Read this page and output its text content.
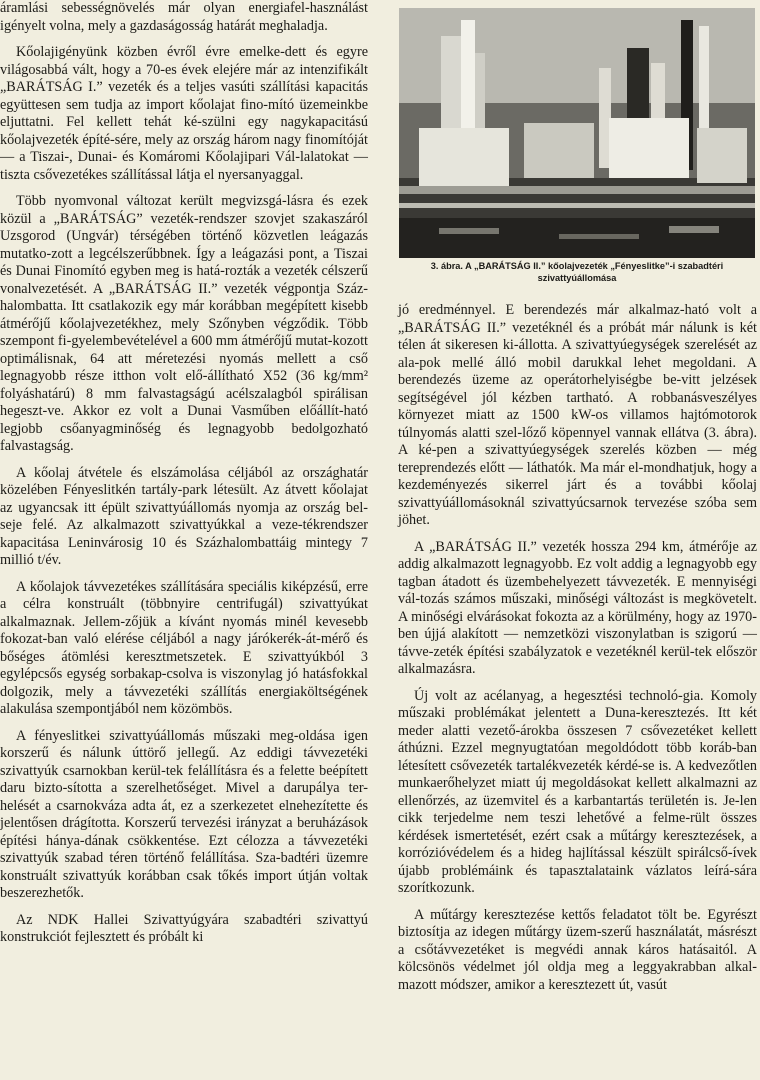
áramlási sebességnövelés már olyan energiafel-használást igényelt volna, mely a gazdaságosság határát meghaladja.

Kőolajigényünk közben évről évre emelke-dett és egyre világosabbá vált, hogy a 70-es évek elejére már az intenzifikált „BARÁTSÁG I.” vezeték és a teljes vasúti szállítási kapacitás együttesen sem tudja az import kőolajat fino-mító üzemeinkbe eljuttatni. Fel kellett tehát ké-szülni egy nagykapacitású kőolajvezeték építé-sére, mely az ország három nagy finomítóját — a Tiszai-, Dunai- és Komáromi Kőolajipari Vál-lalatokat — tiszta csővezetékes szállítással látja el nyersanyaggal.

Több nyomvonal változat került megvizsgá-lásra és ezek közül a „BARÁTSÁG” vezeték-rendszer szovjet szakaszáról Uzsgorod (Ungvár) térségében történő közvetlen leágazás mutatko-zott a legcélszerűbbnek. Így a leágazási pont, a Tiszai és Dunai Finomító egyben meg is hatá-rozták a vezeték célszerű vonalvezetését. A „BARÁTSÁG II.” vezeték végpontja Száz-halombatta. Itt csatlakozik egy már korábban megépített kisebb átmérőjű kőolajvezetékhez, mely Szőnyben végződik. Több szempont fi-gyelembevételével a 600 mm átmérőjű mutat-kozott optimálisnak, 64 att méretezési nyomás mellett a cső legnagyobb része itthon volt elő-állítható X52 (36 kg/mm² folyáshatárú) 8 mm falvastagságú acélszalagból spirálisan hegeszt-ve. Akkor ez volt a Dunai Vasműben előállít-ható legjobb csőanyagminőség és legnagyobb bedolgozható falvastagság.

A kőolaj átvétele és elszámolása céljából az országhatár közelében Fényeslitkén tartály-park létesült. Az átvett kőolajat az ugyancsak itt épült szivattyúállomás nyomja az ország bel-seje felé. Az alkalmazott szivattyúkkal a veze-tékrendszer kapacitása Leninvárosig 10 és Százhalombattáig mintegy 7 millió t/év.

A kőolajok távvezetékes szállítására speciális kiképzésű, erre a célra konstruált (többnyire centrifugál) szivattyúkat alkalmaznak. Jellem-zőjük a kívánt nyomás minél kevesebb fokozat-ban való elérése céljából a nagy járókerék-át-mérő és bőséges átömlési keresztmetszetek. E szivattyúkból 3 egylépcsős egység sorbakap-csolva is viszonylag jó hatásfokkal dolgozik, mely a távvezetéki szállítás energiaköltségének alakulása szempontjából nem közömbös.

A fényeslitkei szivattyúállomás műszaki meg-oldása igen korszerű és nálunk úttörő jellegű. Az eddigi távvezetéki szivattyúk csarnokban kerül-tek felállításra és a felette beépített daru bizto-sította a szerelhetőséget. Mivel a darupálya ter-helését a csarnokváza adta át, ez a szerkezetet elnehezítette és jelentősen drágította. Korszerű tervezési irányzat a beruházások építési hánya-dának csökkentése. Ezt célozza a távvezetéki szivattyúk szabad téren történő felállítása. Sza-badtéri üzemre konstruált szivattyúk korábban csak tőkés import útján voltak beszerezhetők.

Az NDK Hallei Szivattyúgyára szabadtéri szivattyú konstrukciót fejlesztett és próbált ki

3. ábra. A „BARÁTSÁG II.” kőolajvezeték „Fényeslitke”-i szabadtéri szivattyúállomása

jó eredménnyel. E berendezés már alkalmaz-ható volt a „BARÁTSÁG II.” vezetéknél és a próbát már nálunk is két télen át sikeresen ki-állotta. A szivattyúegységek szerelését az ala-pok mellé álló mobil darukkal lehet megoldani. A berendezés üzeme az operátorhelyiségbe be-vitt jelzések segítségével jól kézben tartható. A robbanásveszélyes környezet miatt az 1500 kW-os villamos hajtómotorok túlnyomás alatti szel-lőző köpennyel vannak ellátva (3. ábra). A ké-pen a szivattyúegységek szerelés közben — még tereprendezés előtt — láthatók. Ma már el-mondhatjuk, hogy a kezdeményezés sikerrel járt és a további kőolaj szivattyúállomásoknál szivattyúcsarnok tervezése szóba sem jöhet.

A „BARÁTSÁG II.” vezeték hossza 294 km, átmérője az addig alkalmazott legnagyobb. Ez volt addig a legnagyobb egy tagban átadott és üzembehelyezett távvezeték. E mennyiségi vál-tozás számos műszaki, minőségi változást is megkövetelt. A minőségi elvárásokat fokozta az a körülmény, hogy az 1970-ben újjá alakított — nemzetközi viszonylatban is szigorú — távve-zeték építési szabályzatok e vezetéknél kerül-tek először alkalmazásra.

Új volt az acélanyag, a hegesztési technoló-gia. Komoly műszaki problémákat jelentett a Duna-keresztezés. Itt két meder alatti vezető-árokba összesen 7 csővezetéket kellett áthúzni. Ezzel megnyugtatóan megoldódott több koráb-ban létesített csővezeték tartalékvezeték kérdé-se is. A kedvezőtlen munkaerőhelyzet miatt új megoldásokat kellett alkalmazni az ellenőrzés, az üzemvitel és a karbantartás területén is. Je-len cikk terjedelme nem teszi lehetővé a felme-rült összes kérdések ismertetését, ezért csak a műtárgy keresztezések, a korrózióvédelem és a hideg hajlítással készült spirálcső-ívek újabb problémáink és tapasztalataink vázlatos leírá-sára szorítkozunk.

A műtárgy keresztezése kettős feladatot tölt be. Egyrészt biztosítja az idegen műtárgy üzem-szerű használatát, másrészt a csőtávvezetéket is megvédi annak káros hatásaitól. A kölcsönös védelmet jól oldja meg a leggyakrabban alkal-mazott módszer, amikor a keresztezett út, vasút
